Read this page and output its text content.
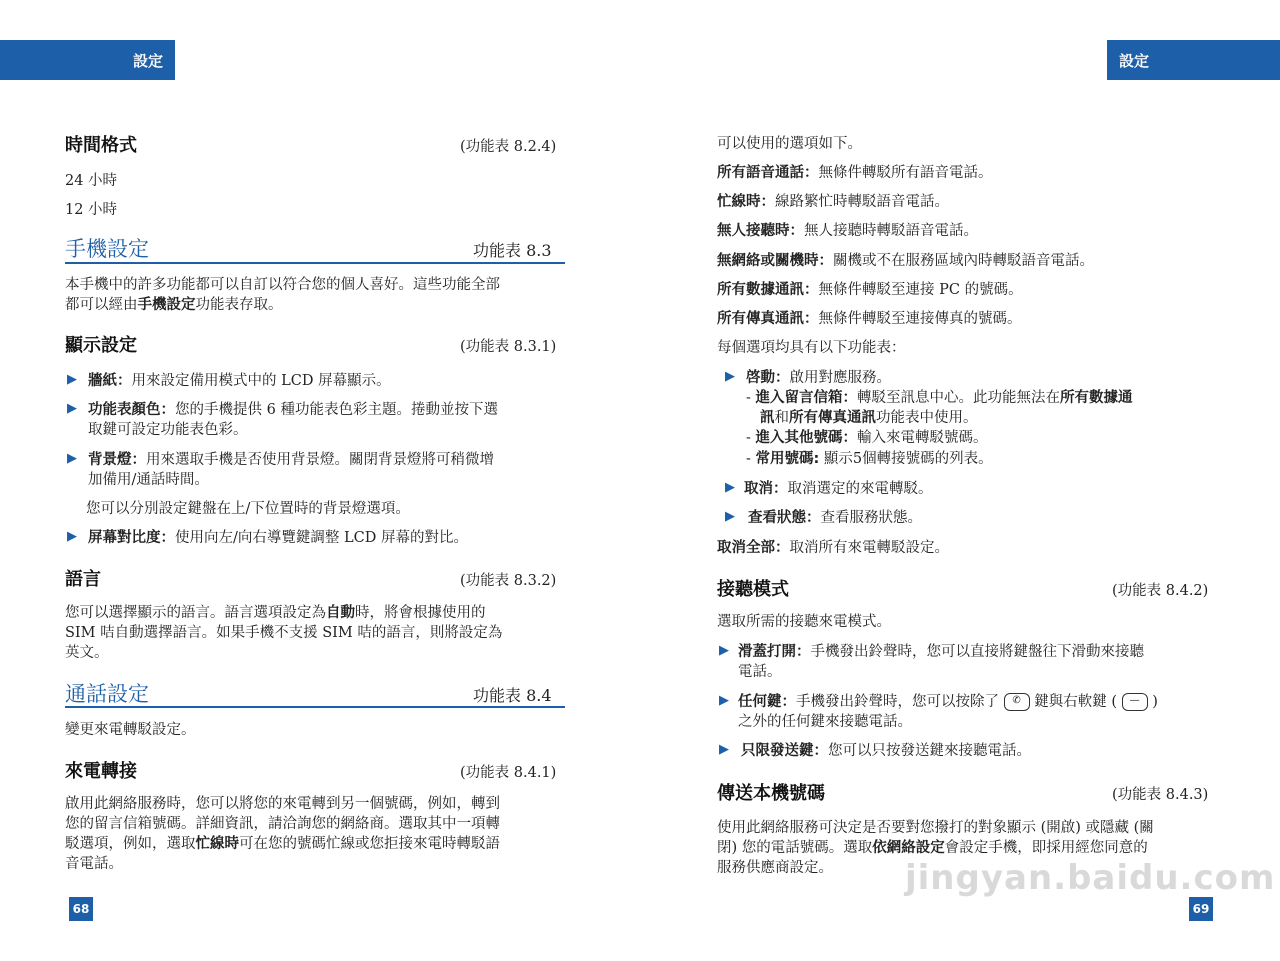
設定	設定
時間格式	(功能表 8.2.4)
24 小時
12 小時
手機設定	功能表 8.3
本手機中的許多功能都可以自訂以符合您的個人喜好。這些功能全部
都可以經由手機設定功能表存取。
顯示設定	(功能表 8.3.1)
▶ 牆紙：用來設定備用模式中的 LCD 屏幕顯示。
▶ 功能表顏色：您的手機提供 6 種功能表色彩主題。捲動並按下選
取鍵可設定功能表色彩。
▶ 背景燈：用來選取手機是否使用背景燈。關閉背景燈將可稍微增
加備用/通話時間。
您可以分別設定鍵盤在上/下位置時的背景燈選項。
▶ 屏幕對比度：使用向左/向右導覽鍵調整 LCD 屏幕的對比。
語言	(功能表 8.3.2)
您可以選擇顯示的語言。語言選項設定為自動時，將會根據使用的
SIM 咭自動選擇語言。如果手機不支援 SIM 咭的語言，則將設定為
英文。
通話設定	功能表 8.4
變更來電轉駁設定。
來電轉接	(功能表 8.4.1)
啟用此網絡服務時，您可以將您的來電轉到另一個號碼，例如，轉到
您的留言信箱號碼。詳細資訊，請洽詢您的網絡商。選取其中一項轉
駁選項，例如，選取忙線時可在您的號碼忙線或您拒接來電時轉駁語
音電話。
68
可以使用的選項如下。
所有語音通話：無條件轉駁所有語音電話。
忙線時：線路繁忙時轉駁語音電話。
無人接聽時：無人接聽時轉駁語音電話。
無網絡或關機時：關機或不在服務區域內時轉駁語音電話。
所有數據通訊：無條件轉駁至連接 PC 的號碼。
所有傳真通訊：無條件轉駁至連接傳真的號碼。
每個選項均具有以下功能表：
▶ 啓動：啟用對應服務。
- 進入留言信箱：轉駁至訊息中心。此功能無法在所有數據通
訊和所有傳真通訊功能表中使用。
- 進入其他號碼：輸入來電轉駁號碼。
- 常用號碼: 顯示5個轉接號碼的列表。
▶ 取消：取消選定的來電轉駁。
▶ 查看狀態：查看服務狀態。
取消全部：取消所有來電轉駁設定。
接聽模式	(功能表 8.4.2)
選取所需的接聽來電模式。
▶ 滑蓋打開：手機發出鈴聲時，您可以直接將鍵盤往下滑動來接聽
電話。
▶ 任何鍵：手機發出鈴聲時，您可以按除了 ✆ 鍵與右軟鍵 ( — )
之外的任何鍵來接聽電話。
▶ 只限發送鍵：您可以只按發送鍵來接聽電話。
傳送本機號碼	(功能表 8.4.3)
使用此網絡服務可決定是否要對您撥打的對象顯示 (開啟) 或隱藏 (關
閉) 您的電話號碼。選取依網絡設定會設定手機，即採用經您同意的
服務供應商設定。
69
jingyan.baidu.com
